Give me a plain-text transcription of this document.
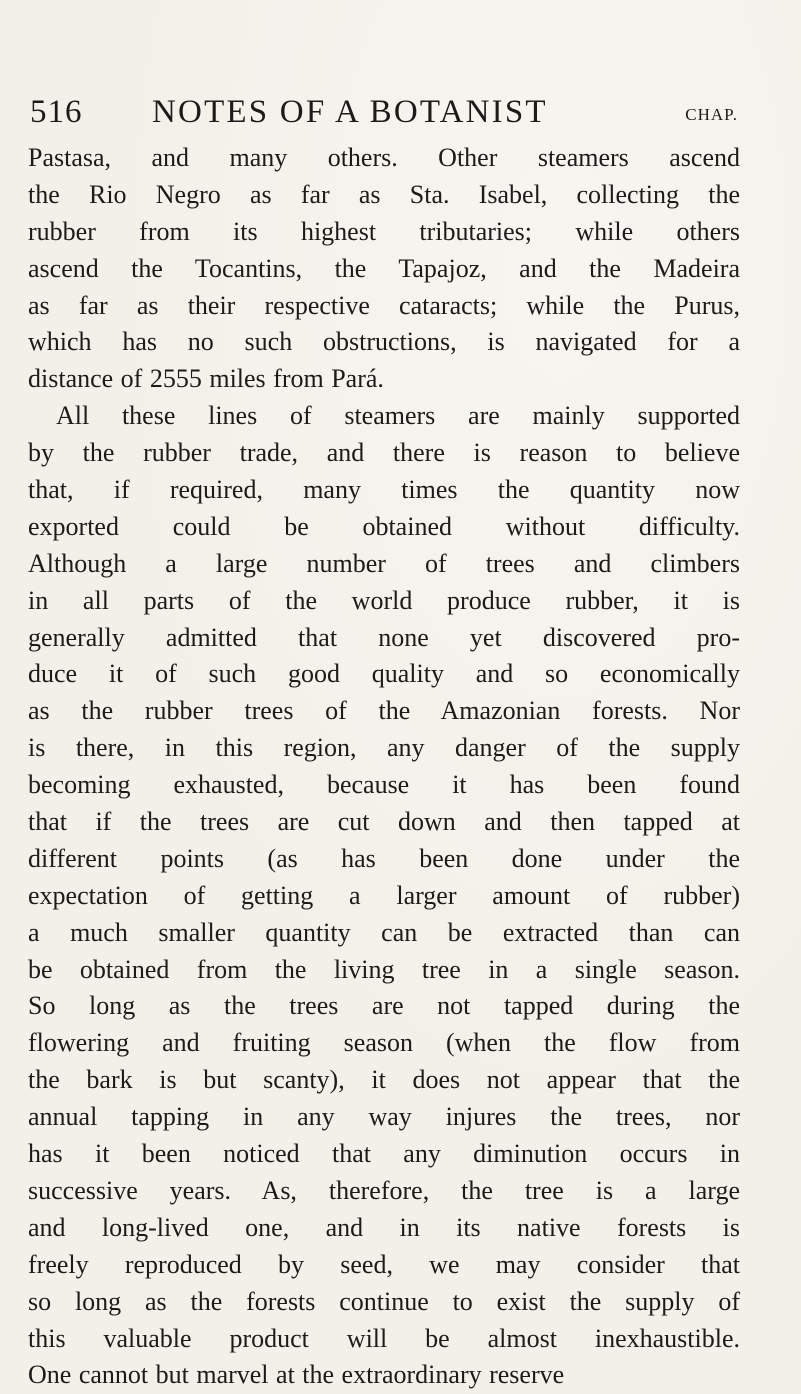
516 NOTES OF A BOTANIST	CHAP.
Pastasa, and many others. Other steamers ascend
the Rio Negro as far as Sta. Isabel, collecting the
rubber from its highest tributaries; while others
ascend the Tocantins, the Tapajoz, and the Madeira
as far as their respective cataracts; while the Purus,
which has no such obstructions, is navigated for a
distance of 2555 miles from Pará.
All these lines of steamers are mainly supported
by the rubber trade, and there is reason to believe
that, if required, many times the quantity now
exported could be obtained without difficulty.
Although a large number of trees and climbers
in all parts of the world produce rubber, it is
generally admitted that none yet discovered pro-
duce it of such good quality and so economically
as the rubber trees of the Amazonian forests. Nor
is there, in this region, any danger of the supply
becoming exhausted, because it has been found
that if the trees are cut down and then tapped at
different points (as has been done under the
expectation of getting a larger amount of rubber)
a much smaller quantity can be extracted than can
be obtained from the living tree in a single season.
So long as the trees are not tapped during the
flowering and fruiting season (when the flow from
the bark is but scanty), it does not appear that the
annual tapping in any way injures the trees, nor
has it been noticed that any diminution occurs in
successive years. As, therefore, the tree is a large
and long-lived one, and in its native forests is
freely reproduced by seed, we may consider that
so long as the forests continue to exist the supply of
this valuable product will be almost inexhaustible.
One cannot but marvel at the extraordinary reserve
